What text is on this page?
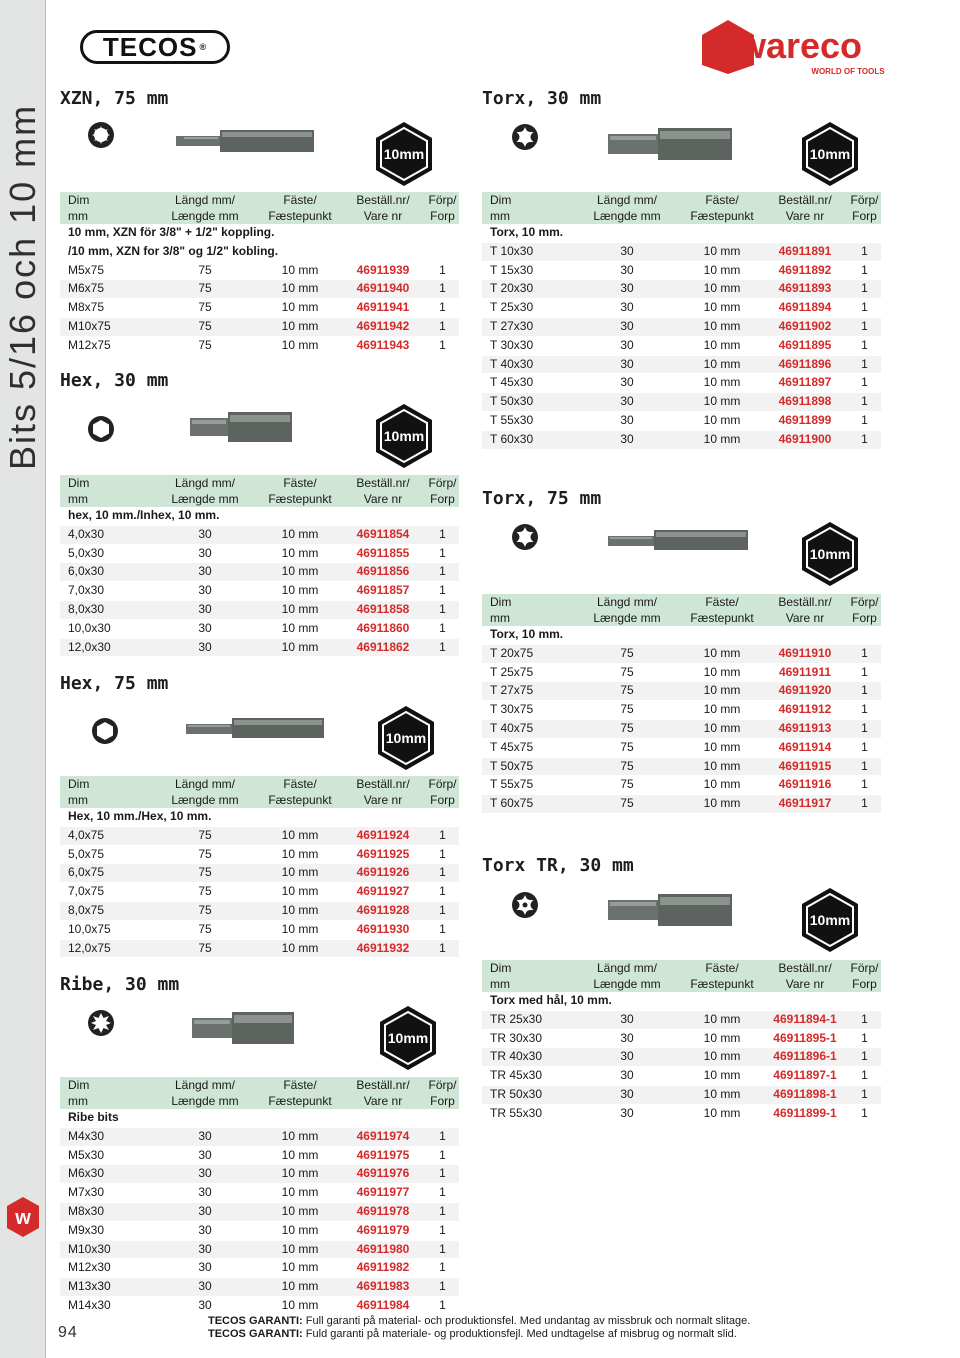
Bits 5/16 och 10 mm
w
94
TECOS ®	wareco
WORLD OF TOOLS
XZN, 75 mm
10mm
Dim	Längd mm/	Fäste/	Beställ.nr/	Förp/
mm	Længde mm	Fæstepunkt	Vare nr	Forp
10 mm, XZN för 3/8" + 1/2" koppling.				
/10 mm, XZN for 3/8" og 1/2" kobling.				
M5x75	75	10 mm	46911939	1
M6x75	75	10 mm	46911940	1
M8x75	75	10 mm	46911941	1
M10x75	75	10 mm	46911942	1
M12x75	75	10 mm	46911943	1
Hex, 30 mm
10mm
Dim	Längd mm/	Fäste/	Beställ.nr/	Förp/
mm	Længde mm	Fæstepunkt	Vare nr	Forp
hex, 10 mm./Inhex, 10 mm.				
4,0x30	30	10 mm	46911854	1
5,0x30	30	10 mm	46911855	1
6,0x30	30	10 mm	46911856	1
7,0x30	30	10 mm	46911857	1
8,0x30	30	10 mm	46911858	1
10,0x30	30	10 mm	46911860	1
12,0x30	30	10 mm	46911862	1
Hex, 75 mm
10mm
Dim	Längd mm/	Fäste/	Beställ.nr/	Förp/
mm	Længde mm	Fæstepunkt	Vare nr	Forp
Hex, 10 mm./Hex, 10 mm.				
4,0x75	75	10 mm	46911924	1
5,0x75	75	10 mm	46911925	1
6,0x75	75	10 mm	46911926	1
7,0x75	75	10 mm	46911927	1
8,0x75	75	10 mm	46911928	1
10,0x75	75	10 mm	46911930	1
12,0x75	75	10 mm	46911932	1
Ribe, 30 mm
10mm
Dim	Längd mm/	Fäste/	Beställ.nr/	Förp/
mm	Længde mm	Fæstepunkt	Vare nr	Forp
Ribe bits				
M4x30	30	10 mm	46911974	1
M5x30	30	10 mm	46911975	1
M6x30	30	10 mm	46911976	1
M7x30	30	10 mm	46911977	1
M8x30	30	10 mm	46911978	1
M9x30	30	10 mm	46911979	1
M10x30	30	10 mm	46911980	1
M12x30	30	10 mm	46911982	1
M13x30	30	10 mm	46911983	1
M14x30	30	10 mm	46911984	1
Torx, 30 mm
10mm
Dim	Längd mm/	Fäste/	Beställ.nr/	Förp/
mm	Længde mm	Fæstepunkt	Vare nr	Forp
Torx, 10 mm.				
T 10x30	30	10 mm	46911891	1
T 15x30	30	10 mm	46911892	1
T 20x30	30	10 mm	46911893	1
T 25x30	30	10 mm	46911894	1
T 27x30	30	10 mm	46911902	1
T 30x30	30	10 mm	46911895	1
T 40x30	30	10 mm	46911896	1
T 45x30	30	10 mm	46911897	1
T 50x30	30	10 mm	46911898	1
T 55x30	30	10 mm	46911899	1
T 60x30	30	10 mm	46911900	1
Torx, 75 mm
10mm
Dim	Längd mm/	Fäste/	Beställ.nr/	Förp/
mm	Længde mm	Fæstepunkt	Vare nr	Forp
Torx, 10 mm.				
T 20x75	75	10 mm	46911910	1
T 25x75	75	10 mm	46911911	1
T 27x75	75	10 mm	46911920	1
T 30x75	75	10 mm	46911912	1
T 40x75	75	10 mm	46911913	1
T 45x75	75	10 mm	46911914	1
T 50x75	75	10 mm	46911915	1
T 55x75	75	10 mm	46911916	1
T 60x75	75	10 mm	46911917	1
Torx TR, 30 mm
10mm
Dim	Längd mm/	Fäste/	Beställ.nr/	Förp/
mm	Længde mm	Fæstepunkt	Vare nr	Forp
Torx med hål, 10 mm.				
TR 25x30	30	10 mm	46911894-1	1
TR 30x30	30	10 mm	46911895-1	1
TR 40x30	30	10 mm	46911896-1	1
TR 45x30	30	10 mm	46911897-1	1
TR 50x30	30	10 mm	46911898-1	1
TR 55x30	30	10 mm	46911899-1	1
TECOS GARANTI: Full garanti på material- och produktionsfel. Med undantag av missbruk och normalt slitage.
TECOS GARANTI: Fuld garanti på materiale- og produktionsfejl. Med undtagelse af misbrug og normalt slid.
